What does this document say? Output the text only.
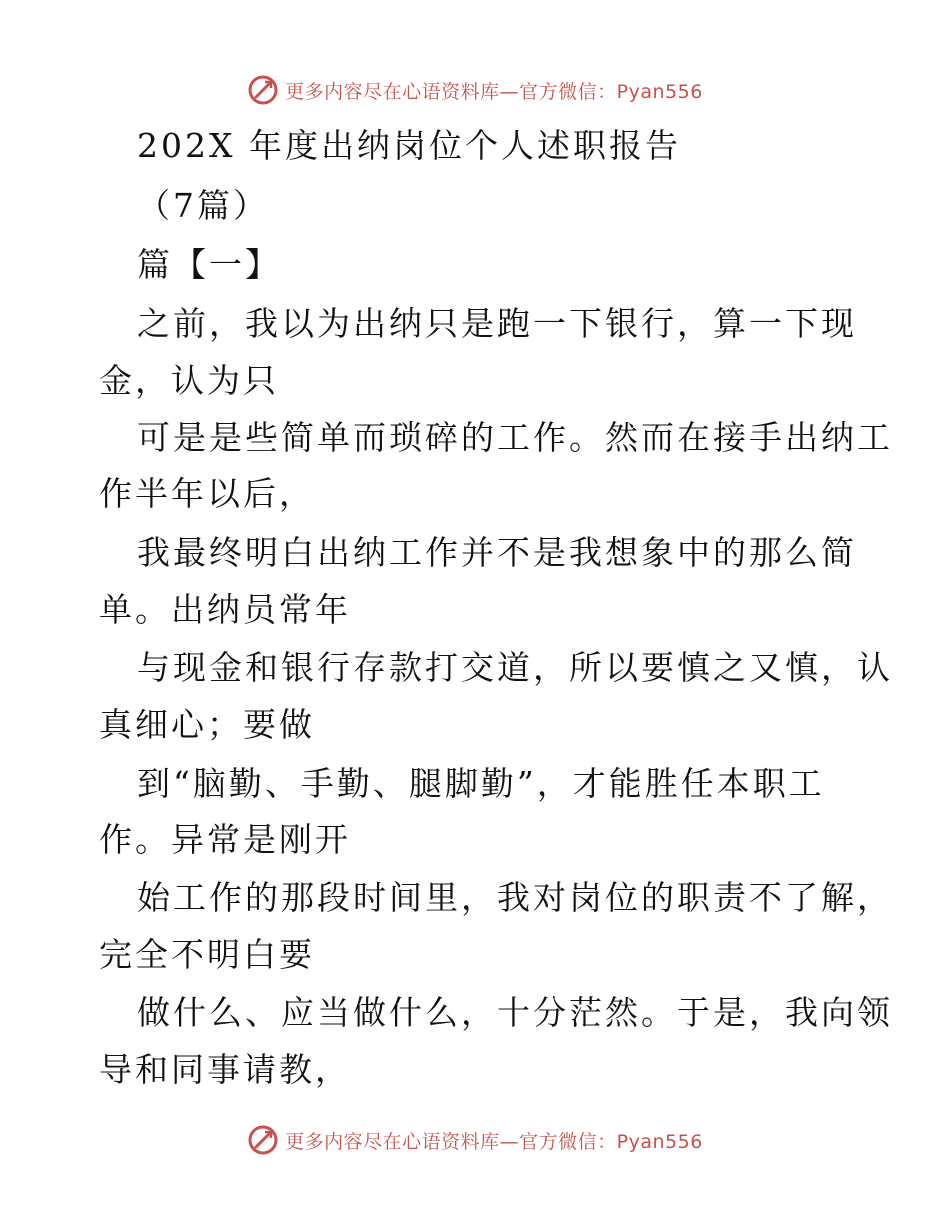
更多内容尽在心语资料库—官方微信：Pyan556
202X 年度出纳岗位个人述职报告
（7篇）
篇【一】
之前，我以为出纳只是跑一下银行，算一下现
金，认为只
可是是些简单而琐碎的工作。然而在接手出纳工
作半年以后，
我最终明白出纳工作并不是我想象中的那么简
单。出纳员常年
与现金和银行存款打交道，所以要慎之又慎，认
真细心；要做
到“脑勤、手勤、腿脚勤”，才能胜任本职工
作。异常是刚开
始工作的那段时间里，我对岗位的职责不了解，
完全不明白要
做什么、应当做什么，十分茫然。于是，我向领
导和同事请教，
更多内容尽在心语资料库—官方微信：Pyan556
